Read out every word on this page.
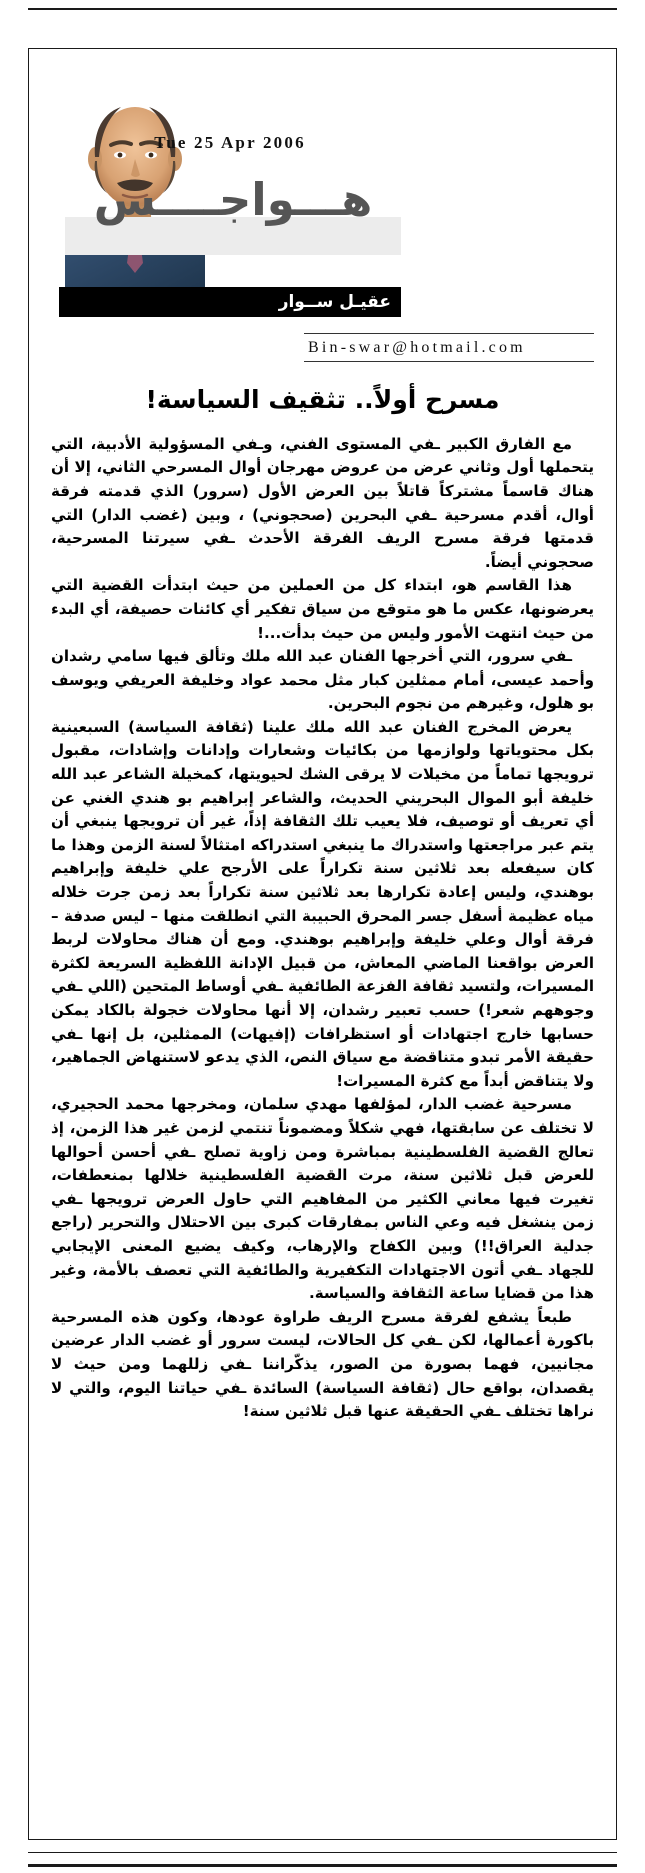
Tue 25 Apr 2006
هـــواجــــس
عقيـل ســوار
Bin-swar@hotmail.com
مسرح أولاً.. تثقيف السياسة!

مع الفارق الكبير ـفي المستوى الفني، وـفي المسؤولية الأدبية، التي يتحملها أول وثاني عرض من عروض مهرجان أوال المسرحي الثاني، إلا أن هناك قاسماً مشتركاً قاتلاً بين العرض الأول (سرور) الذي قدمته فرقة أوال، أقدم مسرحية ـفي البحرين (صحجوني) ، وبين (غضب الدار) التي قدمتها فرقة مسرح الريف الفرقة الأحدث ـفي سيرتنا المسرحية، صحجوني أيضاً.

هذا القاسم هو، ابتداء كل من العملين من حيث ابتدأت القضية التي يعرضونها، عكس ما هو متوقع من سياق تفكير أي كائنات حصيفة، أي البدء من حيث انتهت الأمور وليس من حيث بدأت...!

ـفي سرور، التي أخرجها الفنان عبد الله ملك وتألق فيها سامي رشدان وأحمد عيسى، أمام ممثلين كبار مثل محمد عواد وخليفة العريفي ويوسف بو هلول، وغيرهم من نجوم البحرين.

يعرض المخرج الفنان عبد الله ملك علينا (ثقافة السياسة) السبعينية بكل محتوياتها ولوازمها من بكائيات وشعارات وإدانات وإشادات، مقبول ترويجها تماماً من مخيلات لا يرقى الشك لحيويتها، كمخيلة الشاعر عبد الله خليفة أبو الموال البحريني الحديث، والشاعر إبراهيم بو هندي الغني عن أي تعريف أو توصيف، فلا يعيب تلك الثقافة إذاً، غير أن ترويجها ينبغي أن يتم عبر مراجعتها واستدراك ما ينبغي استدراكه امتثالاً لسنة الزمن وهذا ما كان سيفعله بعد ثلاثين سنة تكراراً على الأرجح علي خليفة وإبراهيم بوهندي، وليس إعادة تكرارها بعد ثلاثين سنة تكراراً بعد زمن جرت خلاله مياه عظيمة أسفل جسر المحرق الحبيبة التي انطلقت منها – ليس صدفة – فرقة أوال وعلي خليفة وإبراهيم بوهندي. ومع أن هناك محاولات لربط العرض بواقعنا الماضي المعاش، من قبيل الإدانة اللفظية السريعة لكثرة المسيرات، ولتسيد ثقافة الفزعة الطائفية ـفي أوساط المتحين (اللي ـفي وجوههم شعر!) حسب تعبير رشدان، إلا أنها محاولات خجولة بالكاد يمكن حسابها خارج اجتهادات أو استظرافات (إفيهات) الممثلين، بل إنها ـفي حقيقة الأمر تبدو متناقضة مع سياق النص، الذي يدعو لاستنهاض الجماهير، ولا يتناقض أبداً مع كثرة المسيرات!

مسرحية غضب الدار، لمؤلفها مهدي سلمان، ومخرجها محمد الحجيري، لا تختلف عن سابقتها، فهي شكلاً ومضموناً تنتمي لزمن غير هذا الزمن، إذ تعالج القضية الفلسطينية بمباشرة ومن زاوية تصلح ـفي أحسن أحوالها للعرض قبل ثلاثين سنة، مرت القضية الفلسطينية خلالها بمنعطفات، تغيرت فيها معاني الكثير من المفاهيم التي حاول العرض ترويجها ـفي زمن ينشغل فيه وعي الناس بمفارقات كبرى بين الاحتلال والتحرير (راجع جدلية العراق!!) وبين الكفاح والإرهاب، وكيف يضيع المعنى الإيجابي للجهاد ـفي أتون الاجتهادات التكفيرية والطائفية التي تعصف بالأمة، وغير هذا من قضايا ساعة الثقافة والسياسة.

طبعاً يشفع لفرقة مسرح الريف طراوة عودها، وكون هذه المسرحية باكورة أعمالها، لكن ـفي كل الحالات، ليست سرور أو غضب الدار عرضين مجانيين، فهما بصورة من الصور، يذكّراننا ـفي زللهما ومن حيث لا يقصدان، بواقع حال (ثقافة السياسة) السائدة ـفي حياتنا اليوم، والتي لا نراها تختلف ـفي الحقيقة عنها قبل ثلاثين سنة!
